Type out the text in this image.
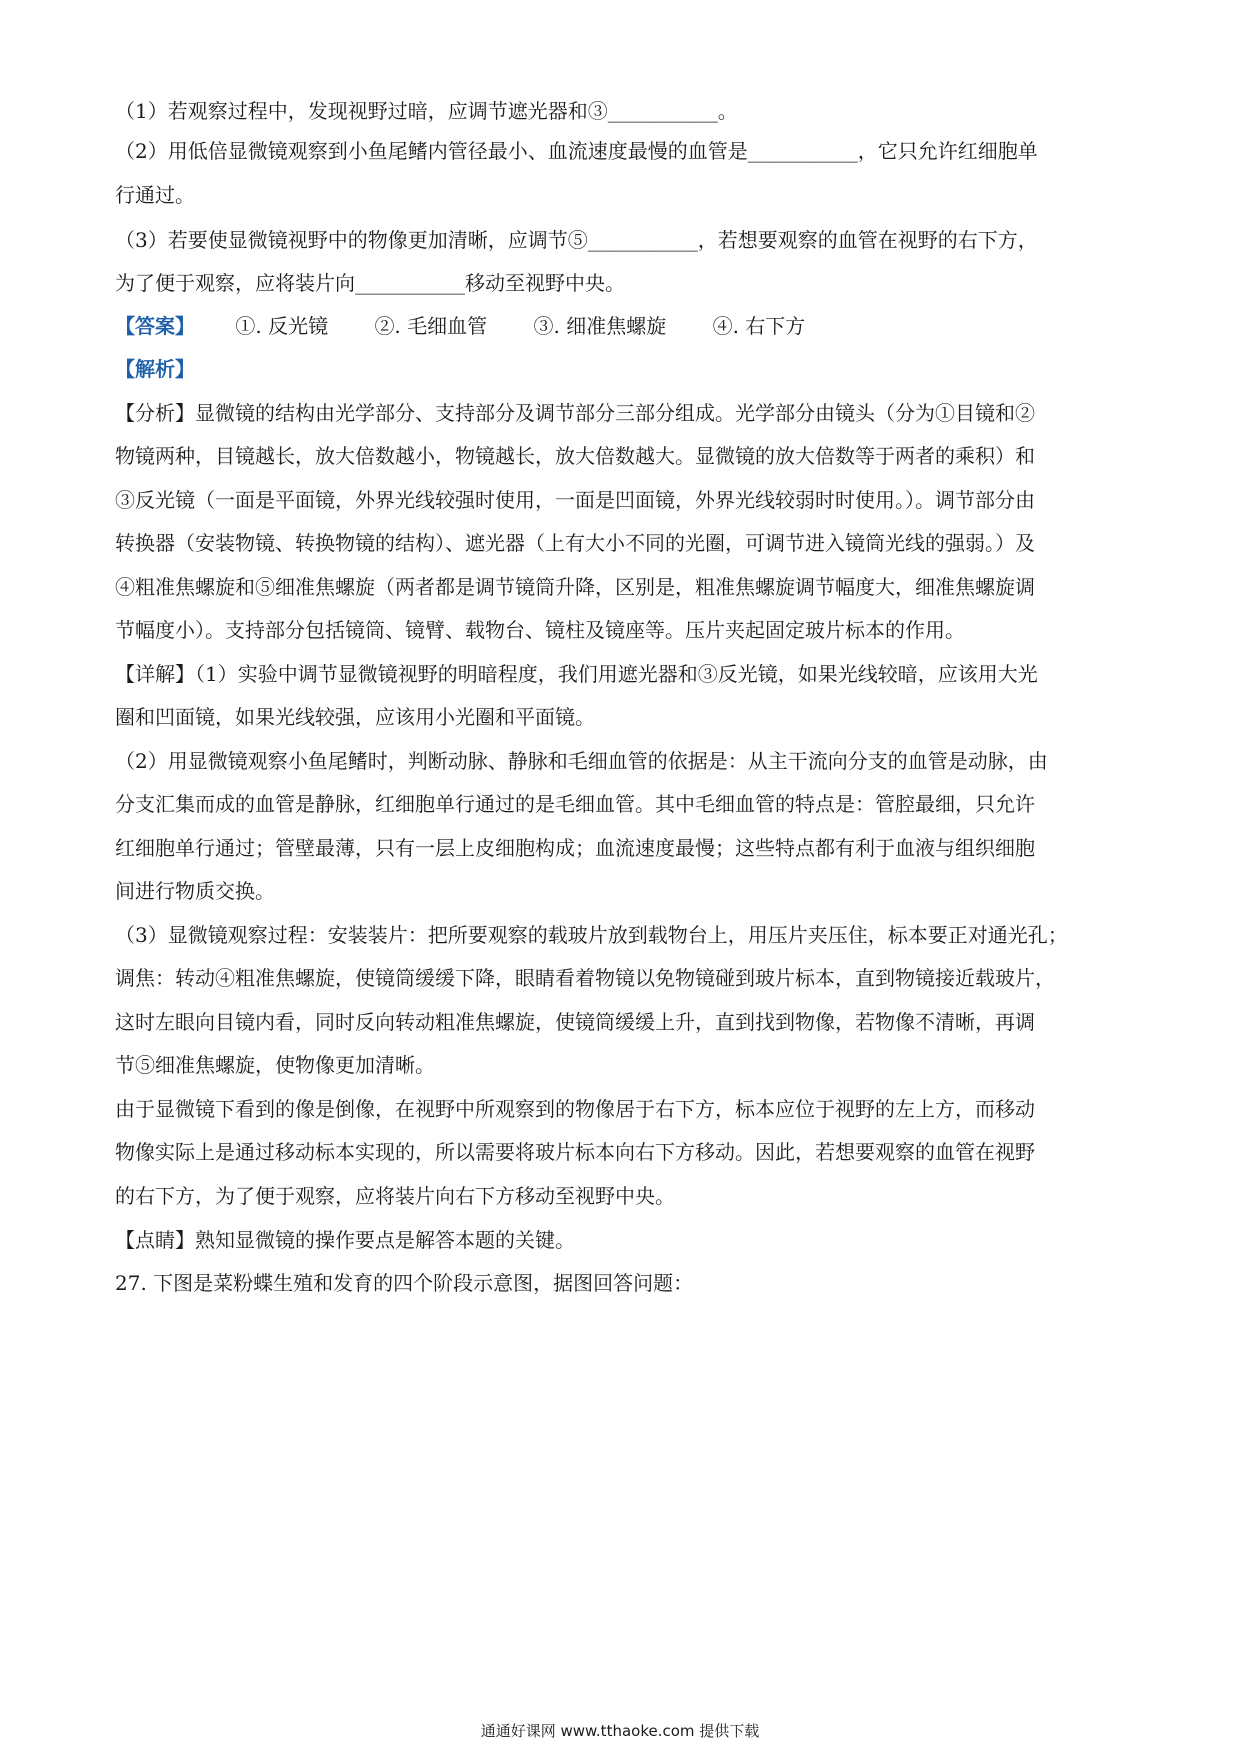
（1）若观察过程中，发现视野过暗，应调节遮光器和③___________。
（2）用低倍显微镜观察到小鱼尾鳍内管径最小、血流速度最慢的血管是___________，它只允许红细胞单
行通过。
（3）若要使显微镜视野中的物像更加清晰，应调节⑤___________，若想要观察的血管在视野的右下方，
为了便于观察，应将装片向___________移动至视野中央。
【答案】 ①. 反光镜 ②. 毛细血管 ③. 细准焦螺旋 ④. 右下方
【解析】
【分析】显微镜的结构由光学部分、支持部分及调节部分三部分组成。光学部分由镜头（分为①目镜和②
物镜两种，目镜越长，放大倍数越小，物镜越长，放大倍数越大。显微镜的放大倍数等于两者的乘积）和
③反光镜（一面是平面镜，外界光线较强时使用，一面是凹面镜，外界光线较弱时时使用。）。调节部分由
转换器（安装物镜、转换物镜的结构）、遮光器（上有大小不同的光圈，可调节进入镜筒光线的强弱。）及
④粗准焦螺旋和⑤细准焦螺旋（两者都是调节镜筒升降，区别是，粗准焦螺旋调节幅度大，细准焦螺旋调
节幅度小）。支持部分包括镜筒、镜臂、载物台、镜柱及镜座等。压片夹起固定玻片标本的作用。
【详解】（1）实验中调节显微镜视野的明暗程度，我们用遮光器和③反光镜，如果光线较暗，应该用大光
圈和凹面镜，如果光线较强，应该用小光圈和平面镜。
（2）用显微镜观察小鱼尾鳍时，判断动脉、静脉和毛细血管的依据是：从主干流向分支的血管是动脉，由
分支汇集而成的血管是静脉，红细胞单行通过的是毛细血管。其中毛细血管的特点是：管腔最细，只允许
红细胞单行通过；管壁最薄，只有一层上皮细胞构成；血流速度最慢；这些特点都有利于血液与组织细胞
间进行物质交换。
（3）显微镜观察过程：安装装片：把所要观察的载玻片放到载物台上，用压片夹压住，标本要正对通光孔；
调焦：转动④粗准焦螺旋，使镜筒缓缓下降，眼睛看着物镜以免物镜碰到玻片标本，直到物镜接近载玻片，
这时左眼向目镜内看，同时反向转动粗准焦螺旋，使镜筒缓缓上升，直到找到物像，若物像不清晰，再调
节⑤细准焦螺旋，使物像更加清晰。
由于显微镜下看到的像是倒像，在视野中所观察到的物像居于右下方，标本应位于视野的左上方，而移动
物像实际上是通过移动标本实现的，所以需要将玻片标本向右下方移动。因此，若想要观察的血管在视野
的右下方，为了便于观察，应将装片向右下方移动至视野中央。
【点睛】熟知显微镜的操作要点是解答本题的关键。
27. 下图是菜粉蝶生殖和发育的四个阶段示意图，据图回答问题：
通通好课网 www.tthaoke.com 提供下载
